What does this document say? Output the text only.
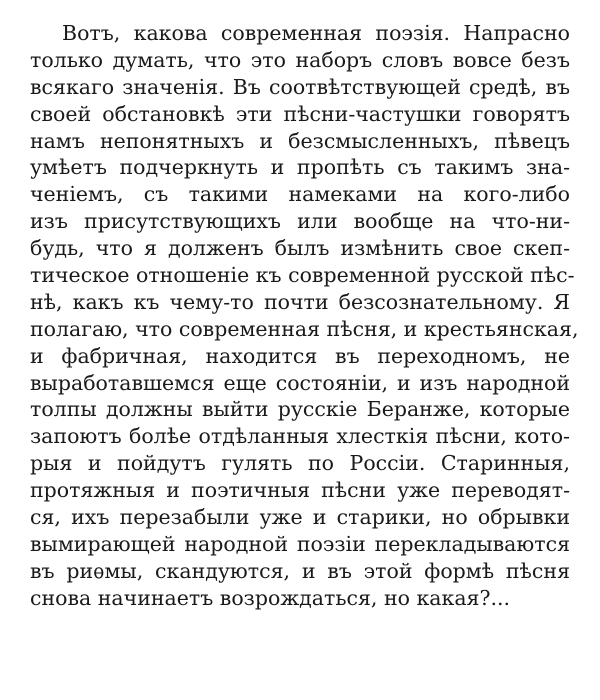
Вотъ, какова современная поэзія. Напрасно
только думать, что это наборъ словъ вовсе безъ
всякаго значенія. Въ соотвѣтствующей средѣ, въ
своей обстановкѣ эти пѣсни-частушки говорятъ
намъ непонятныхъ и безсмысленныхъ, пѣвецъ
умѣетъ подчеркнуть и пропѣть съ такимъ зна-
ченіемъ, съ такими намеками на кого-либо
изъ присутствующихъ или вообще на что-ни-
будь, что я долженъ былъ измѣнить свое скеп-
тическое отношеніе къ современной русской пѣс-
нѣ, какъ къ чему-то почти безсознательному. Я
полагаю, что современная пѣсня, и крестьянская,
и фабричная, находится въ переходномъ, не
выработавшемся еще состояніи, и изъ народной
толпы должны выйти русскіе Беранже, которые
запоютъ болѣе отдѣланныя хлесткія пѣсни, кото-
рыя и пойдутъ гулять по Россіи. Старинныя,
протяжныя и поэтичныя пѣсни уже переводят-
ся, ихъ перезабыли уже и старики, но обрывки
вымирающей народной поэзіи перекладываются
въ риѳмы, скандуются, и въ этой формѣ пѣсня
снова начинаетъ возрождаться, но какая?...
